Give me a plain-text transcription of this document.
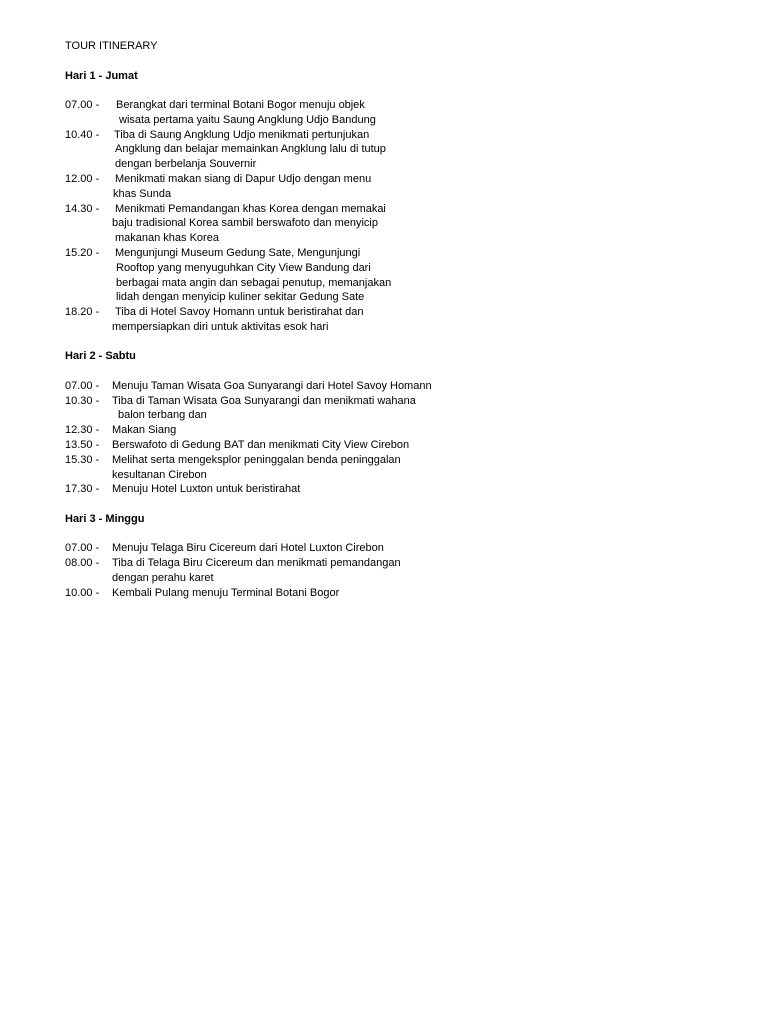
TOUR ITINERARY
Hari 1 - Jumat
07.00 - Berangkat dari terminal Botani Bogor menuju objek
wisata pertama yaitu Saung Angklung Udjo Bandung
10.40 - Tiba di Saung Angklung Udjo menikmati pertunjukan
Angklung dan belajar memainkan Angklung lalu di tutup
dengan berbelanja Souvernir
12.00 - Menikmati makan siang di Dapur Udjo dengan menu
khas Sunda
14.30 - Menikmati Pemandangan khas Korea dengan memakai
baju tradisional Korea sambil berswafoto dan menyicip
makanan khas Korea
15.20 - Mengunjungi Museum Gedung Sate, Mengunjungi
Rooftop yang menyuguhkan City View Bandung dari
berbagai mata angin dan sebagai penutup, memanjakan
lidah dengan menyicip kuliner sekitar Gedung Sate
18.20 - Tiba di Hotel Savoy Homann untuk beristirahat dan
mempersiapkan diri untuk aktivitas esok hari
Hari 2 - Sabtu
07.00 - Menuju Taman Wisata Goa Sunyarangi dari Hotel Savoy Homann
10.30 - Tiba di Taman Wisata Goa Sunyarangi dan menikmati wahana
balon terbang dan
12.30 - Makan Siang
13.50 - Berswafoto di Gedung BAT dan menikmati City View Cirebon
15.30 - Melihat serta mengeksplor peninggalan benda peninggalan
kesultanan Cirebon
17.30 - Menuju Hotel Luxton untuk beristirahat
Hari 3 - Minggu
07.00 - Menuju Telaga Biru Cicereum dari Hotel Luxton Cirebon
08.00 - Tiba di Telaga Biru Cicereum dan menikmati pemandangan
dengan perahu karet
10.00 - Kembali Pulang menuju Terminal Botani Bogor
